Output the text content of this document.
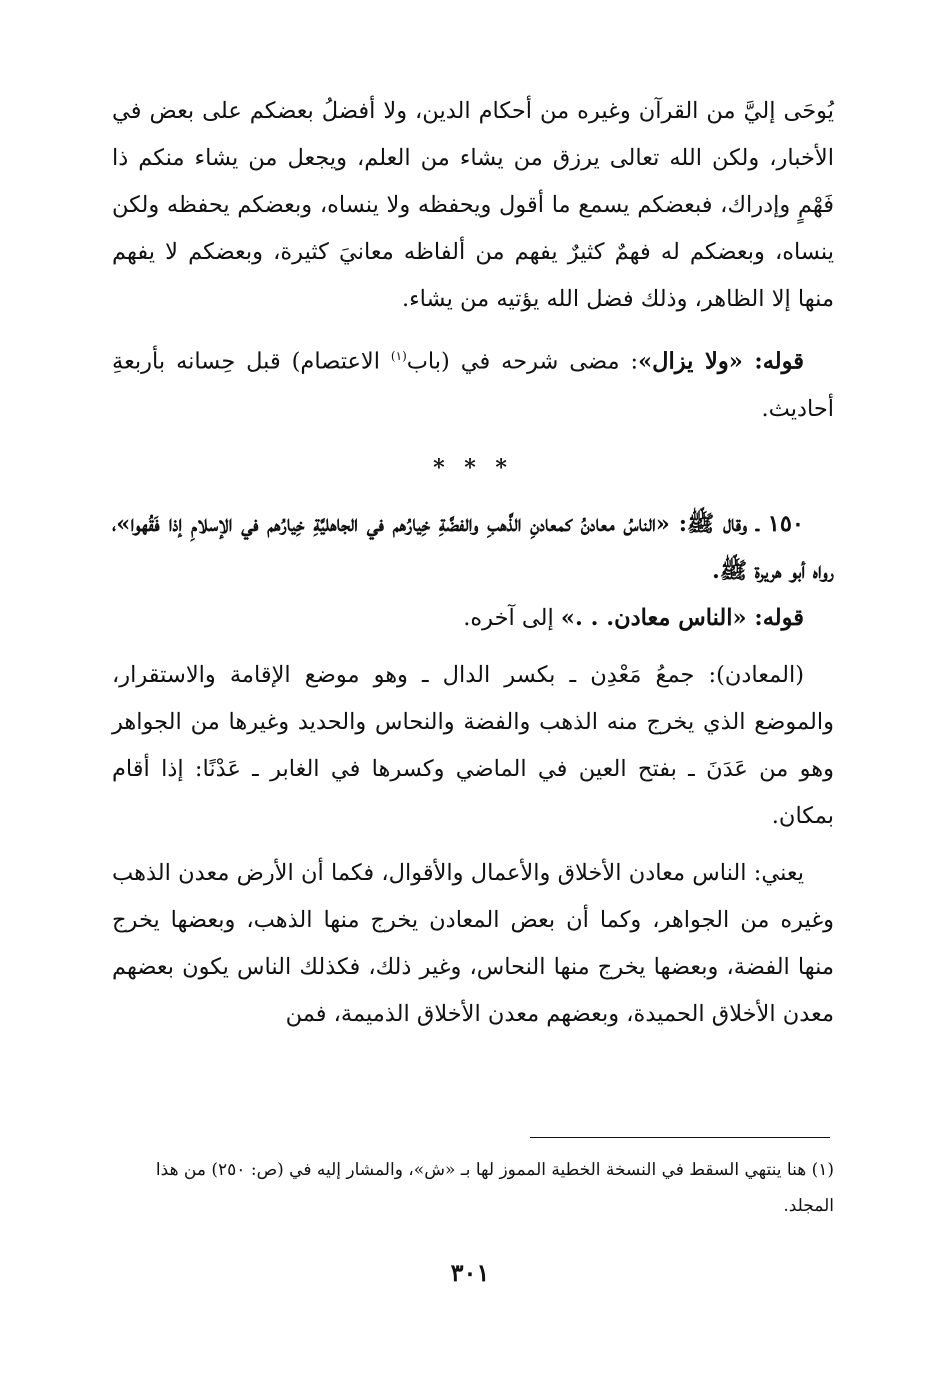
يُوحَى إليَّ من القرآن وغيره من أحكام الدين، ولا أفضلُ بعضكم على بعض في الأخبار، ولكن الله تعالى يرزق من يشاء من العلم، ويجعل من يشاء منكم ذا فَهْمٍ وإدراك، فبعضكم يسمع ما أقول ويحفظه ولا ينساه، وبعضكم يحفظه ولكن ينساه، وبعضكم له فهمٌ كثيرٌ يفهم من ألفاظه معانيَ كثيرة، وبعضكم لا يفهم منها إلا الظاهر، وذلك فضل الله يؤتيه من يشاء.

قوله: «ولا يزال»: مضى شرحه في (باب$^{(١)}$ الاعتصام) قبل حِسانه بأربعةِ أحاديث.

* * *

١٥٠ ـ وقال ﷺ: «الناسُ معادنُ كمعادنِ الذَّهبِ والفضَّةِ خِيارُهم في الجاهليَّةِ خِيارُهم في الإسلامِ إذا فَقُهوا»، رواه أبو هريرة ﷺ.

قوله: «الناس معادن. . .» إلى آخره.

(المعادن): جمعُ مَعْدِن ـ بكسر الدال ـ وهو موضع الإقامة والاستقرار، والموضع الذي يخرج منه الذهب والفضة والنحاس والحديد وغيرها من الجواهر وهو من عَدَنَ ـ بفتح العين في الماضي وكسرها في الغابر ـ عَدْنًا: إذا أقام بمكان.

يعني: الناس معادن الأخلاق والأعمال والأقوال، فكما أن الأرض معدن الذهب وغيره من الجواهر، وكما أن بعض المعادن يخرج منها الذهب، وبعضها يخرج منها الفضة، وبعضها يخرج منها النحاس، وغير ذلك، فكذلك الناس يكون بعضهم معدن الأخلاق الحميدة، وبعضهم معدن الأخلاق الذميمة، فمن

(١) هنا ينتهي السقط في النسخة الخطية المموز لها بـ «ش»، والمشار إليه في (ص: ٢٥٠) من هذا المجلد.

٣٠١
